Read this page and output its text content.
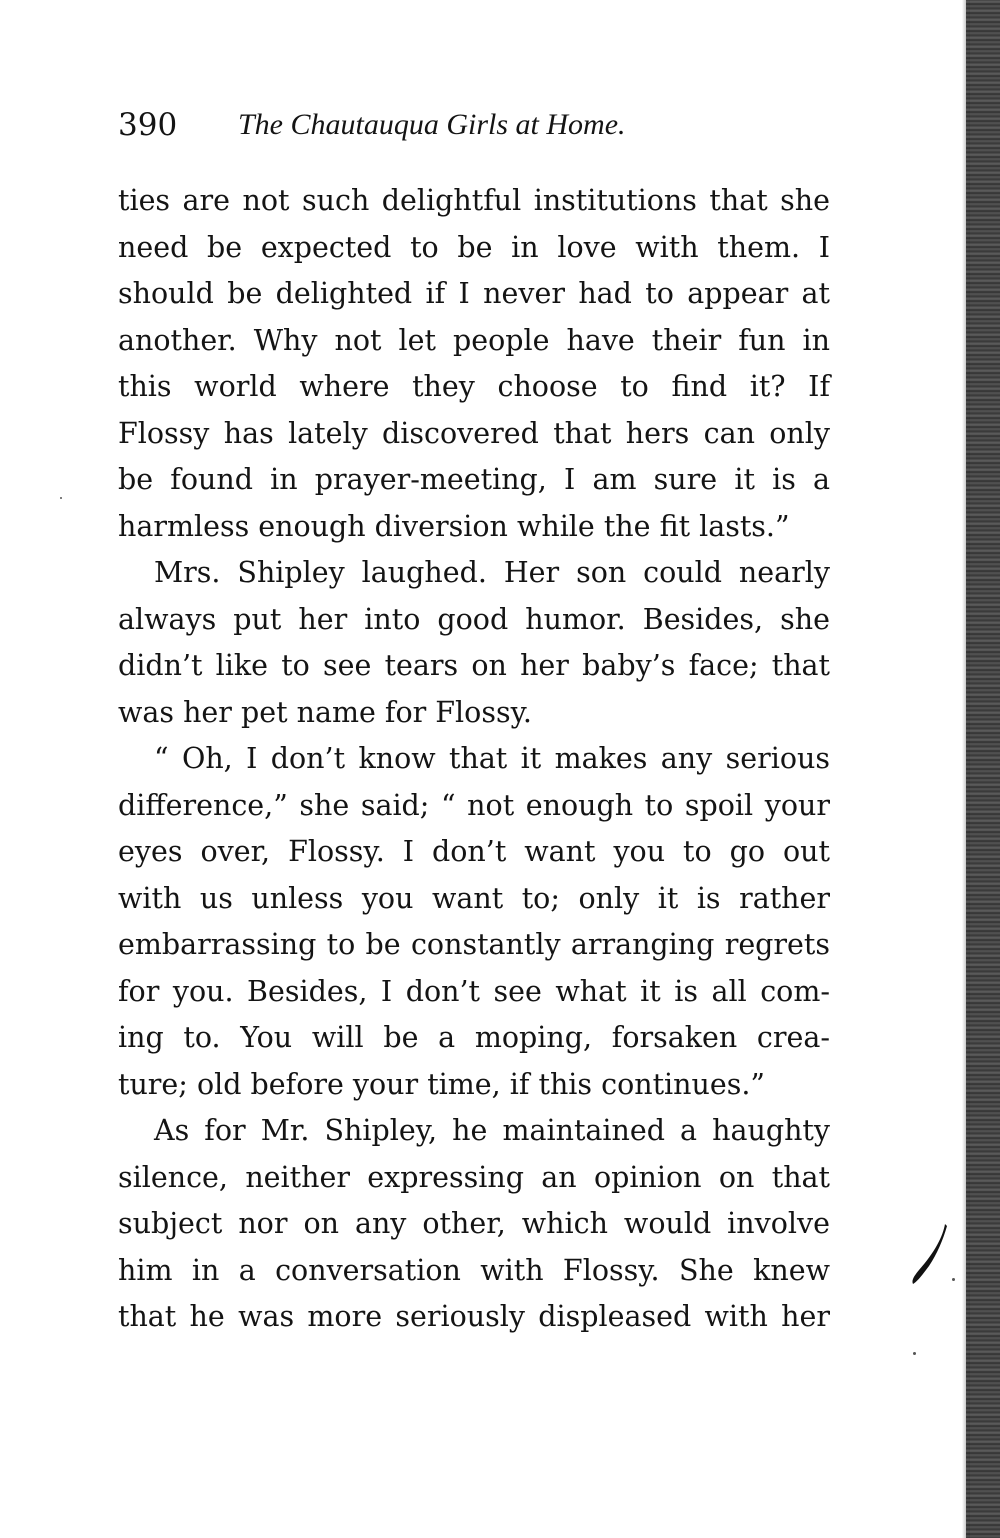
390 The Chautauqua Girls at Home.
ties are not such delightful institutions that she
need be expected to be in love with them. I
should be delighted if I never had to appear at
another. Why not let people have their fun in
this world where they choose to find it? If
Flossy has lately discovered that hers can only
be found in prayer-meeting, I am sure it is a
harmless enough diversion while the fit lasts.”
Mrs. Shipley laughed. Her son could nearly
always put her into good humor. Besides, she
didn’t like to see tears on her baby’s face; that
was her pet name for Flossy.
“ Oh, I don’t know that it makes any serious
difference,” she said; “ not enough to spoil your
eyes over, Flossy. I don’t want you to go out
with us unless you want to; only it is rather
embarrassing to be constantly arranging regrets
for you. Besides, I don’t see what it is all com-
ing to. You will be a moping, forsaken crea-
ture; old before your time, if this continues.”
As for Mr. Shipley, he maintained a haughty
silence, neither expressing an opinion on that
subject nor on any other, which would involve
him in a conversation with Flossy. She knew
that he was more seriously displeased with her
